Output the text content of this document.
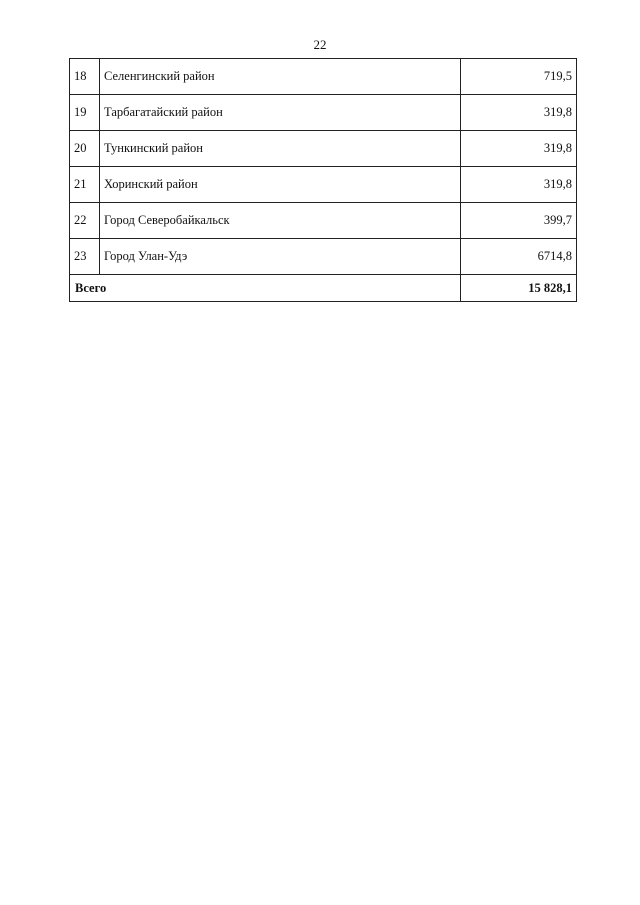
22
18	Селенгинский район	719,5
19	Тарбагатайский район	319,8
20	Тункинский район	319,8
21	Хоринский район	319,8
22	Город Северобайкальск	399,7
23	Город Улан-Удэ	6714,8
Всего		15 828,1
